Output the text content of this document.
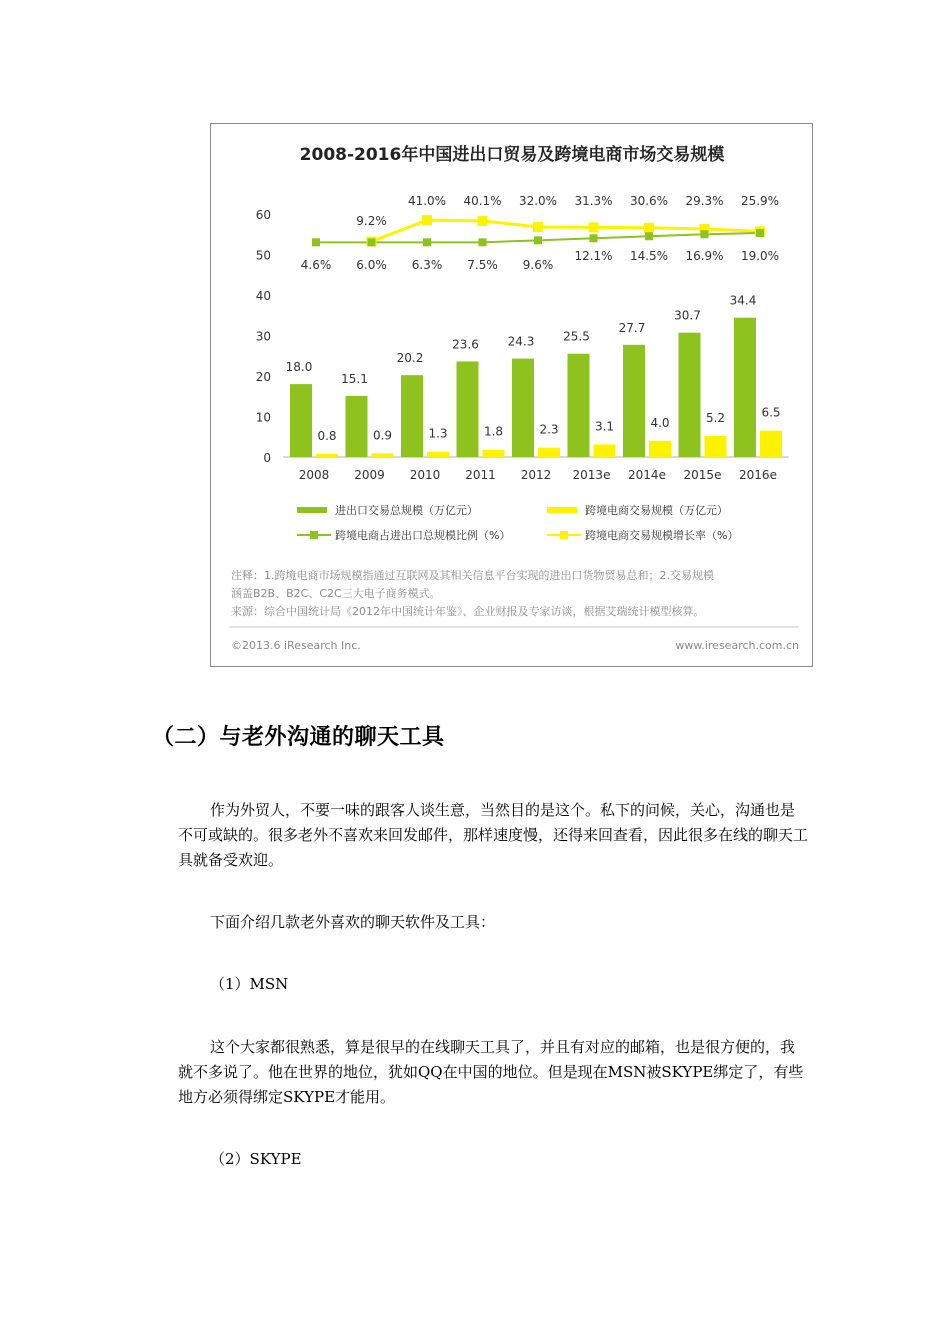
2008-2016年中国进出口贸易及跨境电商市场交易规模
0
10
20
30
40
50
60
18.0
0.8
2008
15.1
0.9
2009
20.2
1.3
2010
23.6
1.8
2011
24.3
2.3
2012
25.5
3.1
2013e
27.7
4.0
2014e
30.7
5.2
2015e
34.4
6.5
2016e
9.2%
41.0% 40.1% 32.0% 31.3% 30.6% 29.3% 25.9%
4.6% 6.0% 6.3% 7.5% 9.6%
12.1% 14.5% 16.9% 19.0%
进出口交易总规模（万亿元）	跨境电商交易规模（万亿元）
跨境电商占进出口总规模比例（%）	跨境电商交易规模增长率（%）
注释：1.跨境电商市场规模指通过互联网及其相关信息平台实现的进出口货物贸易总和；2.交易规模
涵盖B2B、B2C、C2C三大电子商务模式。
来源：综合中国统计局《2012年中国统计年鉴》、企业财报及专家访谈，根据艾瑞统计模型核算。
©2013.6 iResearch Inc.	www.iresearch.com.cn
（二）与老外沟通的聊天工具
作为外贸人，不要一味的跟客人谈生意，当然目的是这个。私下的问候，关心，沟通也是不可或缺的。很多老外不喜欢来回发邮件，那样速度慢，还得来回查看，因此很多在线的聊天工具就备受欢迎。
下面介绍几款老外喜欢的聊天软件及工具：
（1）MSN
这个大家都很熟悉，算是很早的在线聊天工具了，并且有对应的邮箱，也是很方便的，我就不多说了。他在世界的地位，犹如QQ在中国的地位。但是现在MSN被SKYPE绑定了，有些地方必须得绑定SKYPE才能用。
（2）SKYPE
